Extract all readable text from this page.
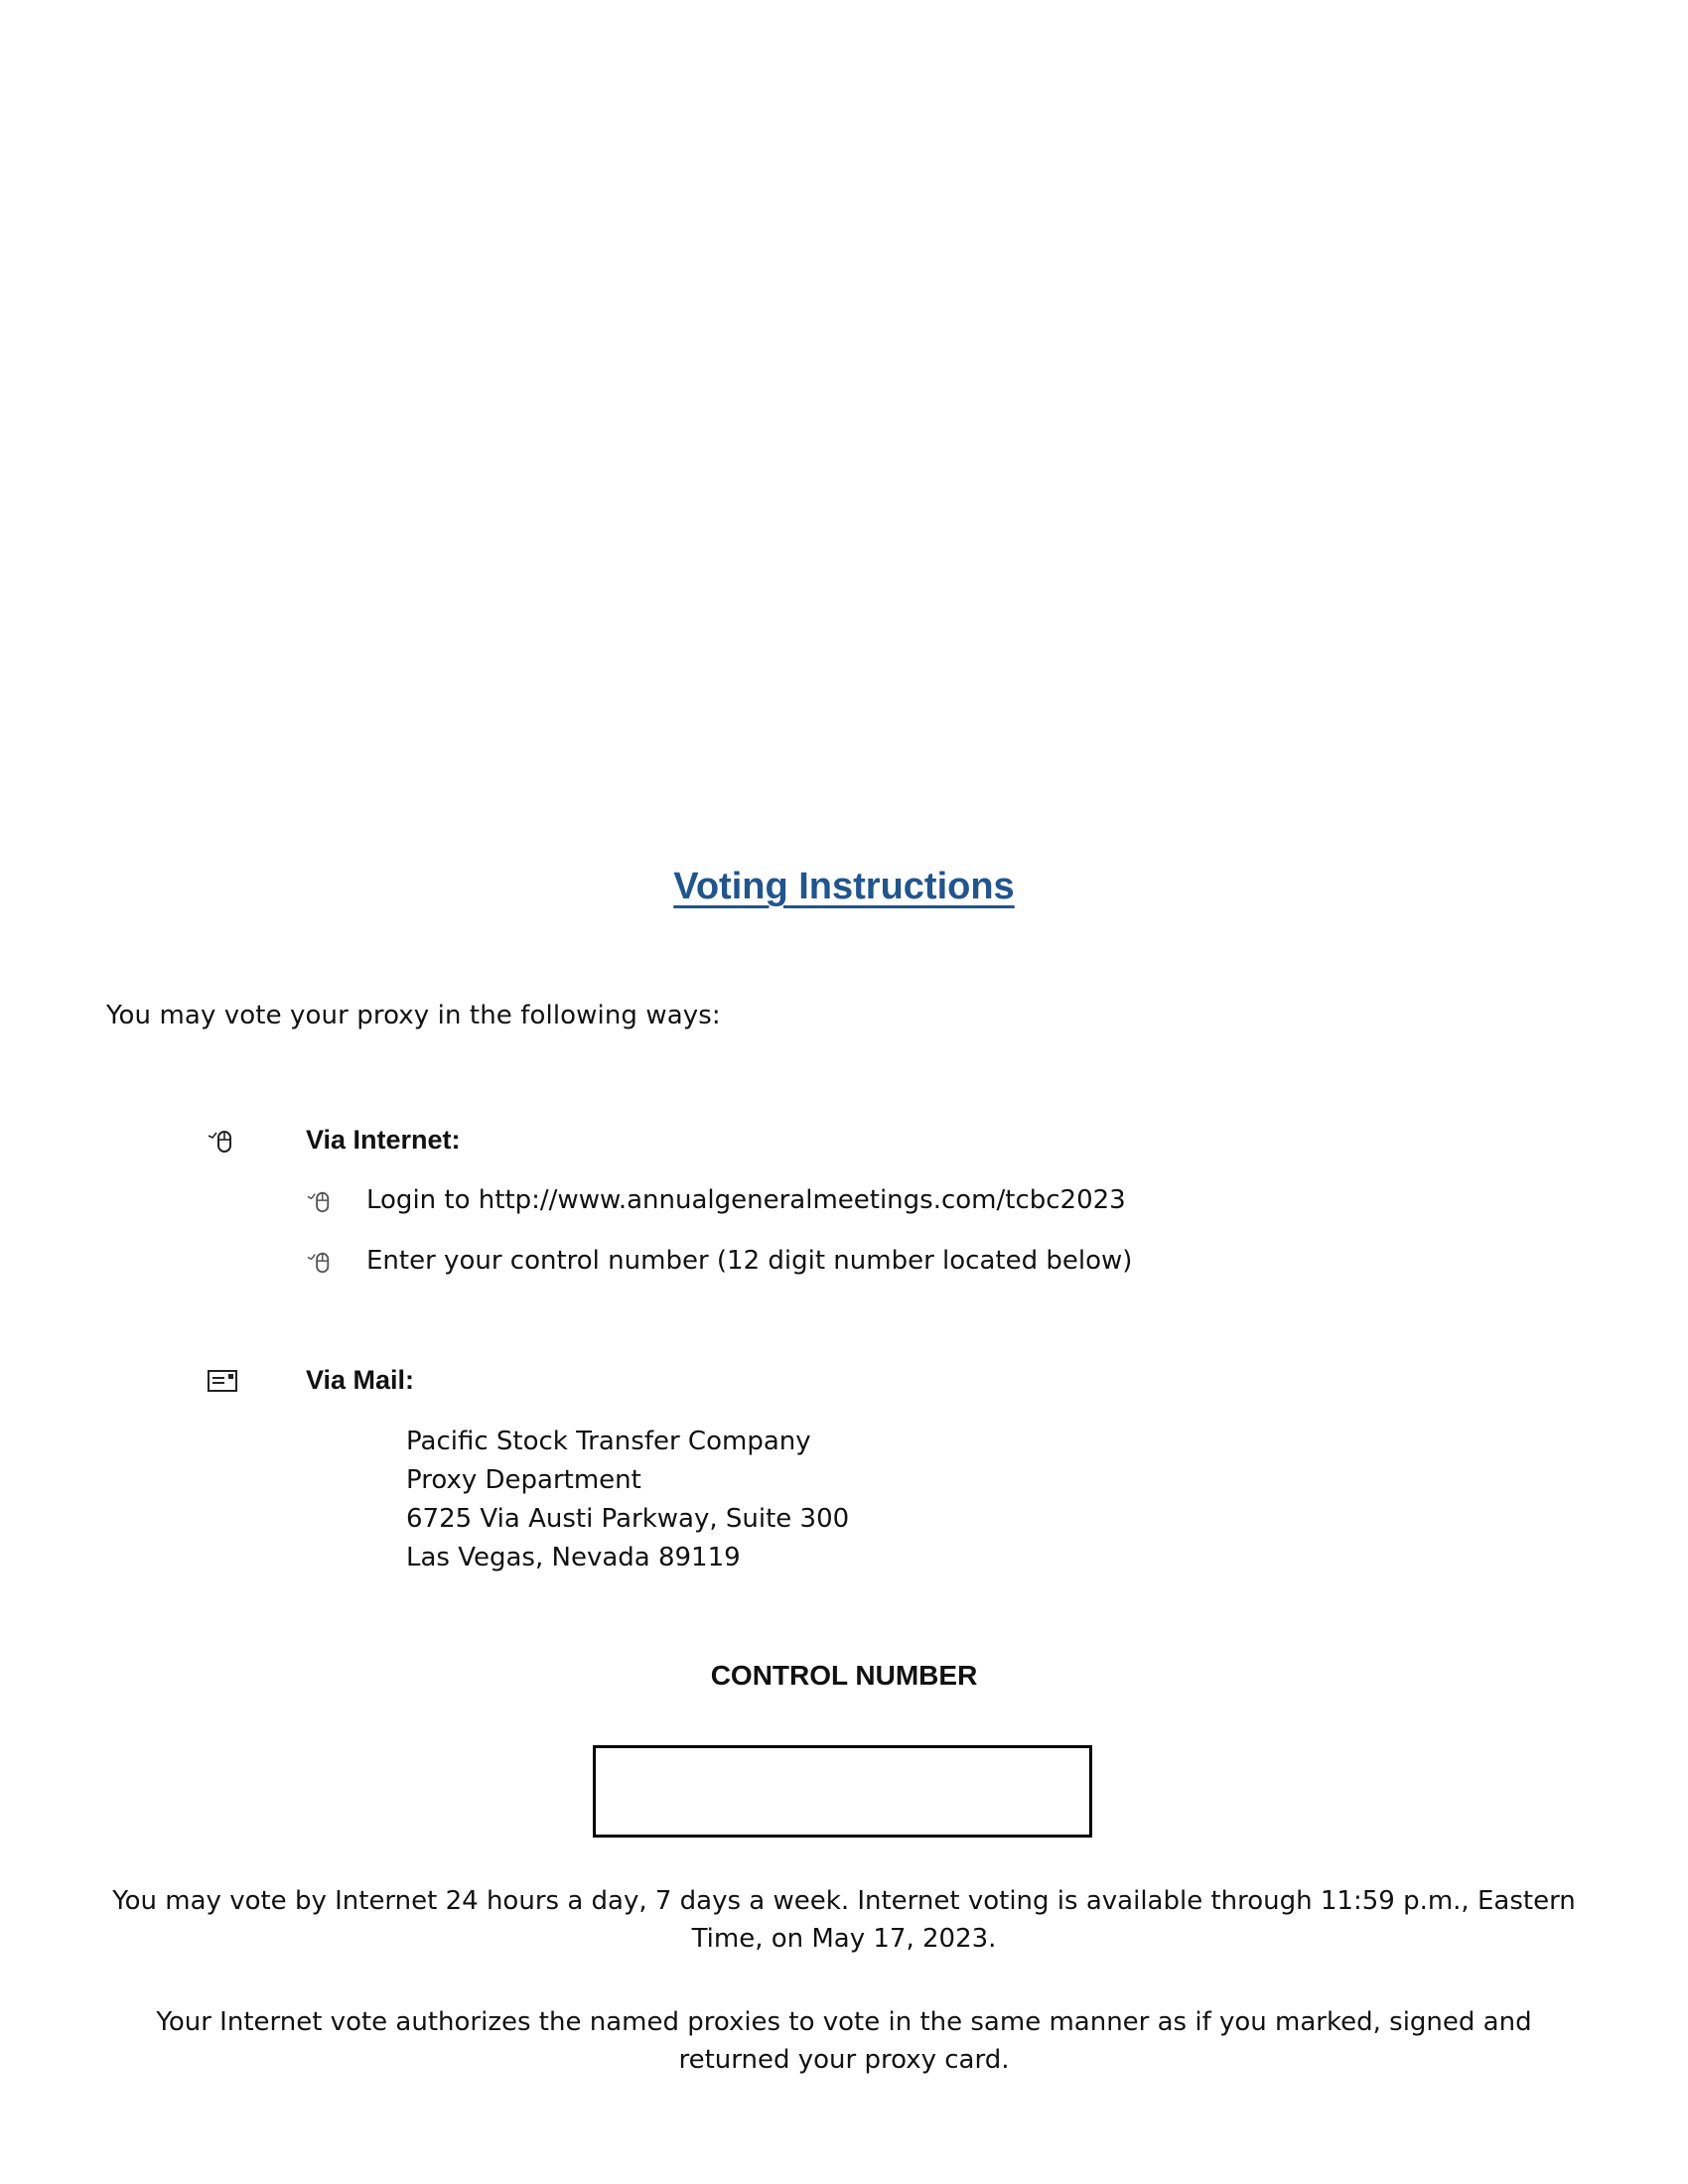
Voting Instructions
You may vote your proxy in the following ways:
Via Internet:
Login to http://www.annualgeneralmeetings.com/tcbc2023
Enter your control number (12 digit number located below)
Via Mail:
Pacific Stock Transfer Company
Proxy Department
6725 Via Austi Parkway, Suite 300
Las Vegas, Nevada 89119
CONTROL NUMBER
You may vote by Internet 24 hours a day, 7 days a week. Internet voting is available through 11:59 p.m., Eastern Time, on May 17, 2023.
Your Internet vote authorizes the named proxies to vote in the same manner as if you marked, signed and returned your proxy card.
